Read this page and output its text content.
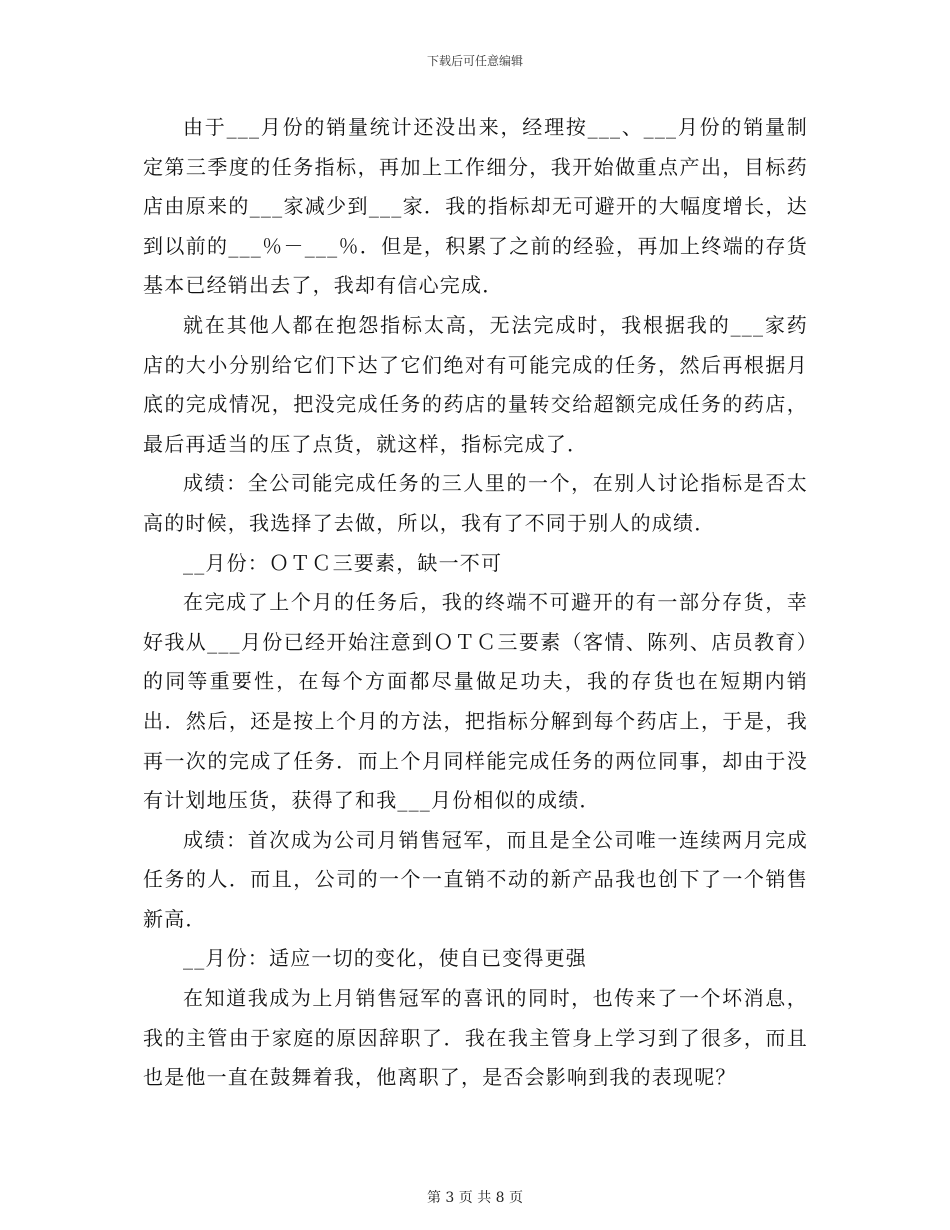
下载后可任意编辑

由于___月份的销量统计还没出来，经理按___、___月份的销量制定第三季度的任务指标，再加上工作细分，我开始做重点产出，目标药店由原来的___家减少到___家．我的指标却无可避开的大幅度增长，达到以前的___％－___％．但是，积累了之前的经验，再加上终端的存货基本已经销出去了，我却有信心完成．

就在其他人都在抱怨指标太高，无法完成时，我根据我的___家药店的大小分别给它们下达了它们绝对有可能完成的任务，然后再根据月底的完成情况，把没完成任务的药店的量转交给超额完成任务的药店，最后再适当的压了点货，就这样，指标完成了．

成绩：全公司能完成任务的三人里的一个，在别人讨论指标是否太高的时候，我选择了去做，所以，我有了不同于别人的成绩．

__月份：ＯＴＣ三要素，缺一不可

在完成了上个月的任务后，我的终端不可避开的有一部分存货，幸好我从___月份已经开始注意到ＯＴＣ三要素（客情、陈列、店员教育）的同等重要性，在每个方面都尽量做足功夫，我的存货也在短期内销出．然后，还是按上个月的方法，把指标分解到每个药店上，于是，我再一次的完成了任务．而上个月同样能完成任务的两位同事，却由于没有计划地压货，获得了和我___月份相似的成绩．

成绩：首次成为公司月销售冠军，而且是全公司唯一连续两月完成任务的人．而且，公司的一个一直销不动的新产品我也创下了一个销售新高．

__月份：适应一切的变化，使自已变得更强

在知道我成为上月销售冠军的喜讯的同时，也传来了一个坏消息，我的主管由于家庭的原因辞职了．我在我主管身上学习到了很多，而且也是他一直在鼓舞着我，他离职了，是否会影响到我的表现呢？

第 3 页 共 8 页
